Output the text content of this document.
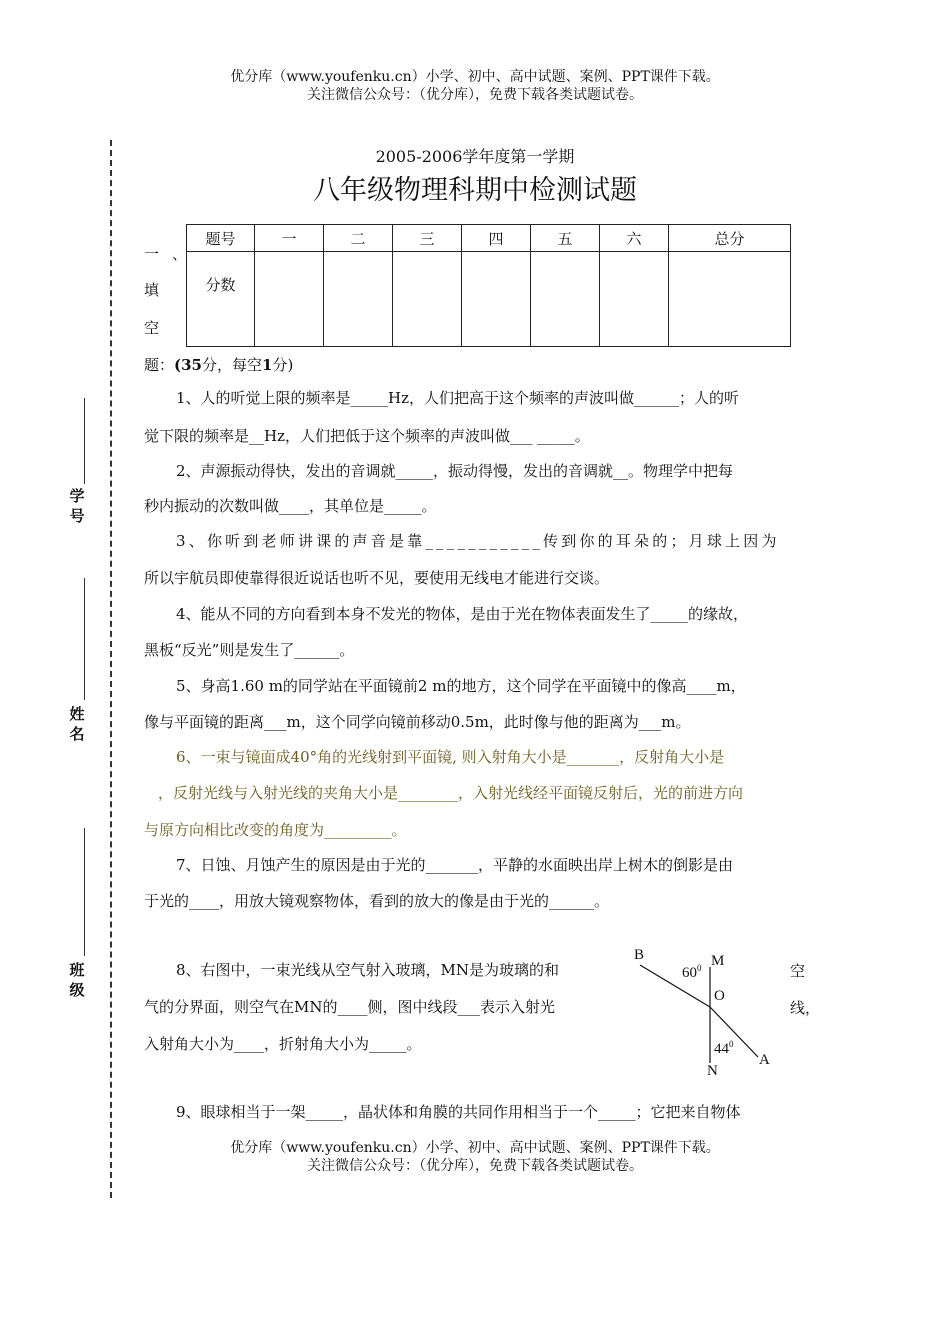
优分库（www.youfenku.cn）小学、初中、高中试题、案例、PPT课件下载。
关注微信公众号：（优分库），免费下载各类试题试卷。
学号
姓名
班级
2005-2006学年度第一学期
八年级物理科期中检测试题
一 、
填
空
题号	一	二	三	四	五	六	总分
分数							
题：(35分，每空1分)
1、人的听觉上限的频率是_____Hz，人们把高于这个频率的声波叫做______；人的听
觉下限的频率是__Hz，人们把低于这个频率的声波叫做___ _____。
2、声源振动得快，发出的音调就_____，振动得慢，发出的音调就__。物理学中把每
秒内振动的次数叫做____，其单位是_____。
3、你听到老师讲课的声音是靠___________传到你的耳朵的；月球上因为
所以宇航员即使靠得很近说话也听不见，要使用无线电才能进行交谈。
4、能从不同的方向看到本身不发光的物体，是由于光在物体表面发生了_____的缘故，
黑板“反光”则是发生了______。
5、身高1.60 m的同学站在平面镜前2 m的地方，这个同学在平面镜中的像高____m，
像与平面镜的距离___m，这个同学向镜前移动0.5m，此时像与他的距离为___m。
6、一束与镜面成40°角的光线射到平面镜, 则入射角大小是_______，反射角大小是
，反射光线与入射光线的夹角大小是________，入射光线经平面镜反射后，光的前进方向
与原方向相比改变的角度为_________。
7、日蚀、月蚀产生的原因是由于光的_______，平静的水面映出岸上树木的倒影是由
于光的____，用放大镜观察物体，看到的放大的像是由于光的______。
8、右图中，一束光线从空气射入玻璃，MN是为玻璃的和	空
气的分界面，则空气在MN的____侧，图中线段___表示入射光	线，
入射角大小为____，折射角大小为_____。
B	M
$60^0$
O
$44^0$
A
N
9、眼球相当于一架_____，晶状体和角膜的共同作用相当于一个_____；它把来自物体
优分库（www.youfenku.cn）小学、初中、高中试题、案例、PPT课件下载。
关注微信公众号：（优分库），免费下载各类试题试卷。
